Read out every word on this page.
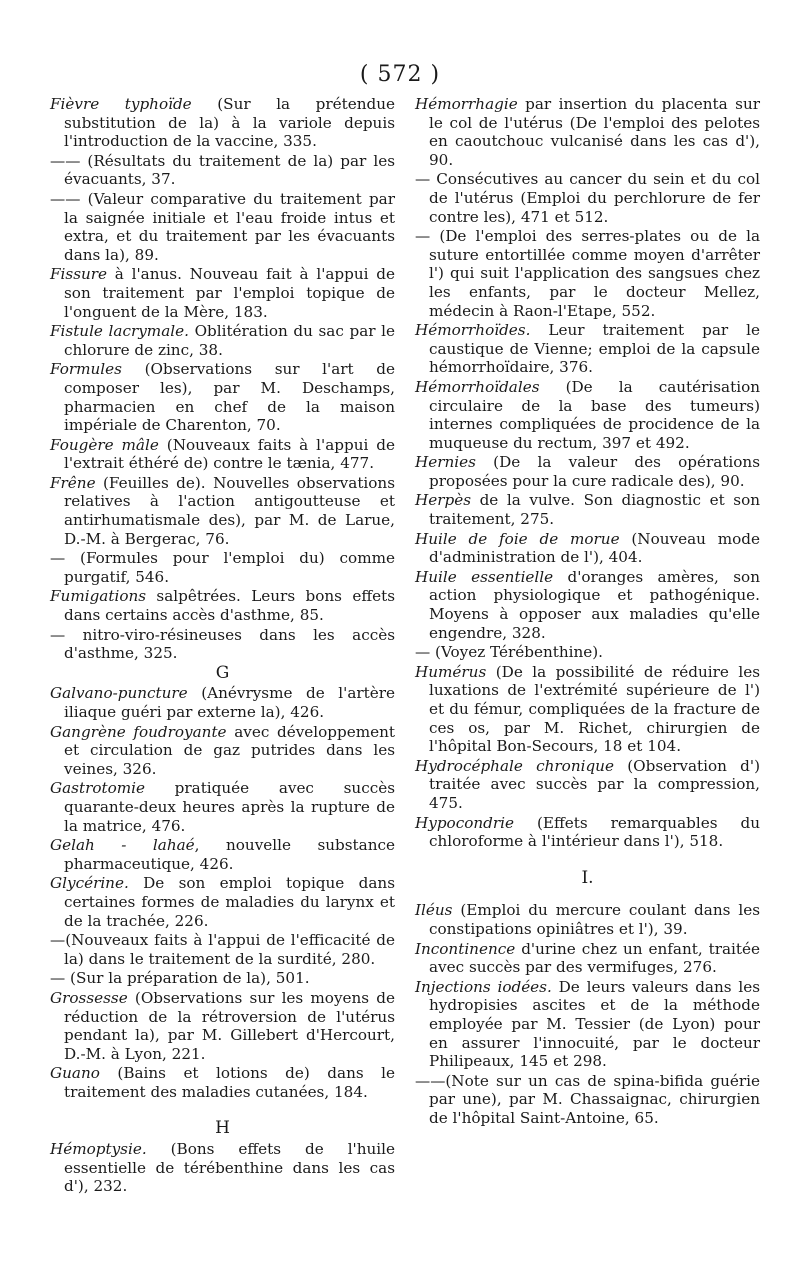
( 572 )
Fièvre typhoïde (Sur la prétendue substitution de la) à la variole depuis l'introduction de la vaccine, 335.
—— (Résultats du traitement de la) par les évacuants, 37.
—— (Valeur comparative du traitement par la saignée initiale et l'eau froide intus et extra, et du traitement par les évacuants dans la), 89.
Fissure à l'anus. Nouveau fait à l'appui de son traitement par l'emploi topique de l'onguent de la Mère, 183.
Fistule lacrymale. Oblitération du sac par le chlorure de zinc, 38.
Formules (Observations sur l'art de composer les), par M. Deschamps, pharmacien en chef de la maison impériale de Charenton, 70.
Fougère mâle (Nouveaux faits à l'appui de l'extrait éthéré de) contre le tænia, 477.
Frêne (Feuilles de). Nouvelles observations relatives à l'action antigoutteuse et antirhumatismale des), par M. de Larue, D.-M. à Bergerac, 76.
— (Formules pour l'emploi du) comme purgatif, 546.
Fumigations salpêtrées. Leurs bons effets dans certains accès d'asthme, 85.
— nitro-viro-résineuses dans les accès d'asthme, 325.
G
Galvano-puncture (Anévrysme de l'artère iliaque guéri par externe la), 426.
Gangrène foudroyante avec développement et circulation de gaz putrides dans les veines, 326.
Gastrotomie pratiquée avec succès quarante-deux heures après la rupture de la matrice, 476.
Gelah - lahaé, nouvelle substance pharmaceutique, 426.
Glycérine. De son emploi topique dans certaines formes de maladies du larynx et de la trachée, 226.
—(Nouveaux faits à l'appui de l'efficacité de la) dans le traitement de la surdité, 280.
— (Sur la préparation de la), 501.
Grossesse (Observations sur les moyens de réduction de la rétroversion de l'utérus pendant la), par M. Gillebert d'Hercourt, D.-M. à Lyon, 221.
Guano (Bains et lotions de) dans le traitement des maladies cutanées, 184.
H
Hémoptysie. (Bons effets de l'huile essentielle de térébenthine dans les cas d'), 232.
Hémorrhagie par insertion du placenta sur le col de l'utérus (De l'emploi des pelotes en caoutchouc vulcanisé dans les cas d'), 90.
— Consécutives au cancer du sein et du col de l'utérus (Emploi du perchlorure de fer contre les), 471 et 512.
— (De l'emploi des serres-plates ou de la suture entortillée comme moyen d'arrêter l') qui suit l'application des sangsues chez les enfants, par le docteur Mellez, médecin à Raon-l'Etape, 552.
Hémorrhoïdes. Leur traitement par le caustique de Vienne; emploi de la capsule hémorrhoïdaire, 376.
Hémorrhoïdales (De la cautérisation circulaire de la base des tumeurs) internes compliquées de procidence de la muqueuse du rectum, 397 et 492.
Hernies (De la valeur des opérations proposées pour la cure radicale des), 90.
Herpès de la vulve. Son diagnostic et son traitement, 275.
Huile de foie de morue (Nouveau mode d'administration de l'), 404.
Huile essentielle d'oranges amères, son action physiologique et pathogénique. Moyens à opposer aux maladies qu'elle engendre, 328.
— (Voyez Térébenthine).
Humérus (De la possibilité de réduire les luxations de l'extrémité supérieure de l') et du fémur, compliquées de la fracture de ces os, par M. Richet, chirurgien de l'hôpital Bon-Secours, 18 et 104.
Hydrocéphale chronique (Observation d') traitée avec succès par la compression, 475.
Hypocondrie (Effets remarquables du chloroforme à l'intérieur dans l'), 518.
I.
Iléus (Emploi du mercure coulant dans les constipations opiniâtres et l'), 39.
Incontinence d'urine chez un enfant, traitée avec succès par des vermifuges, 276.
Injections iodées. De leurs valeurs dans les hydropisies ascites et de la méthode employée par M. Tessier (de Lyon) pour en assurer l'innocuité, par le docteur Philipeaux, 145 et 298.
——(Note sur un cas de spina-bifida guérie par une), par M. Chassaignac, chirurgien de l'hôpital Saint-Antoine, 65.
